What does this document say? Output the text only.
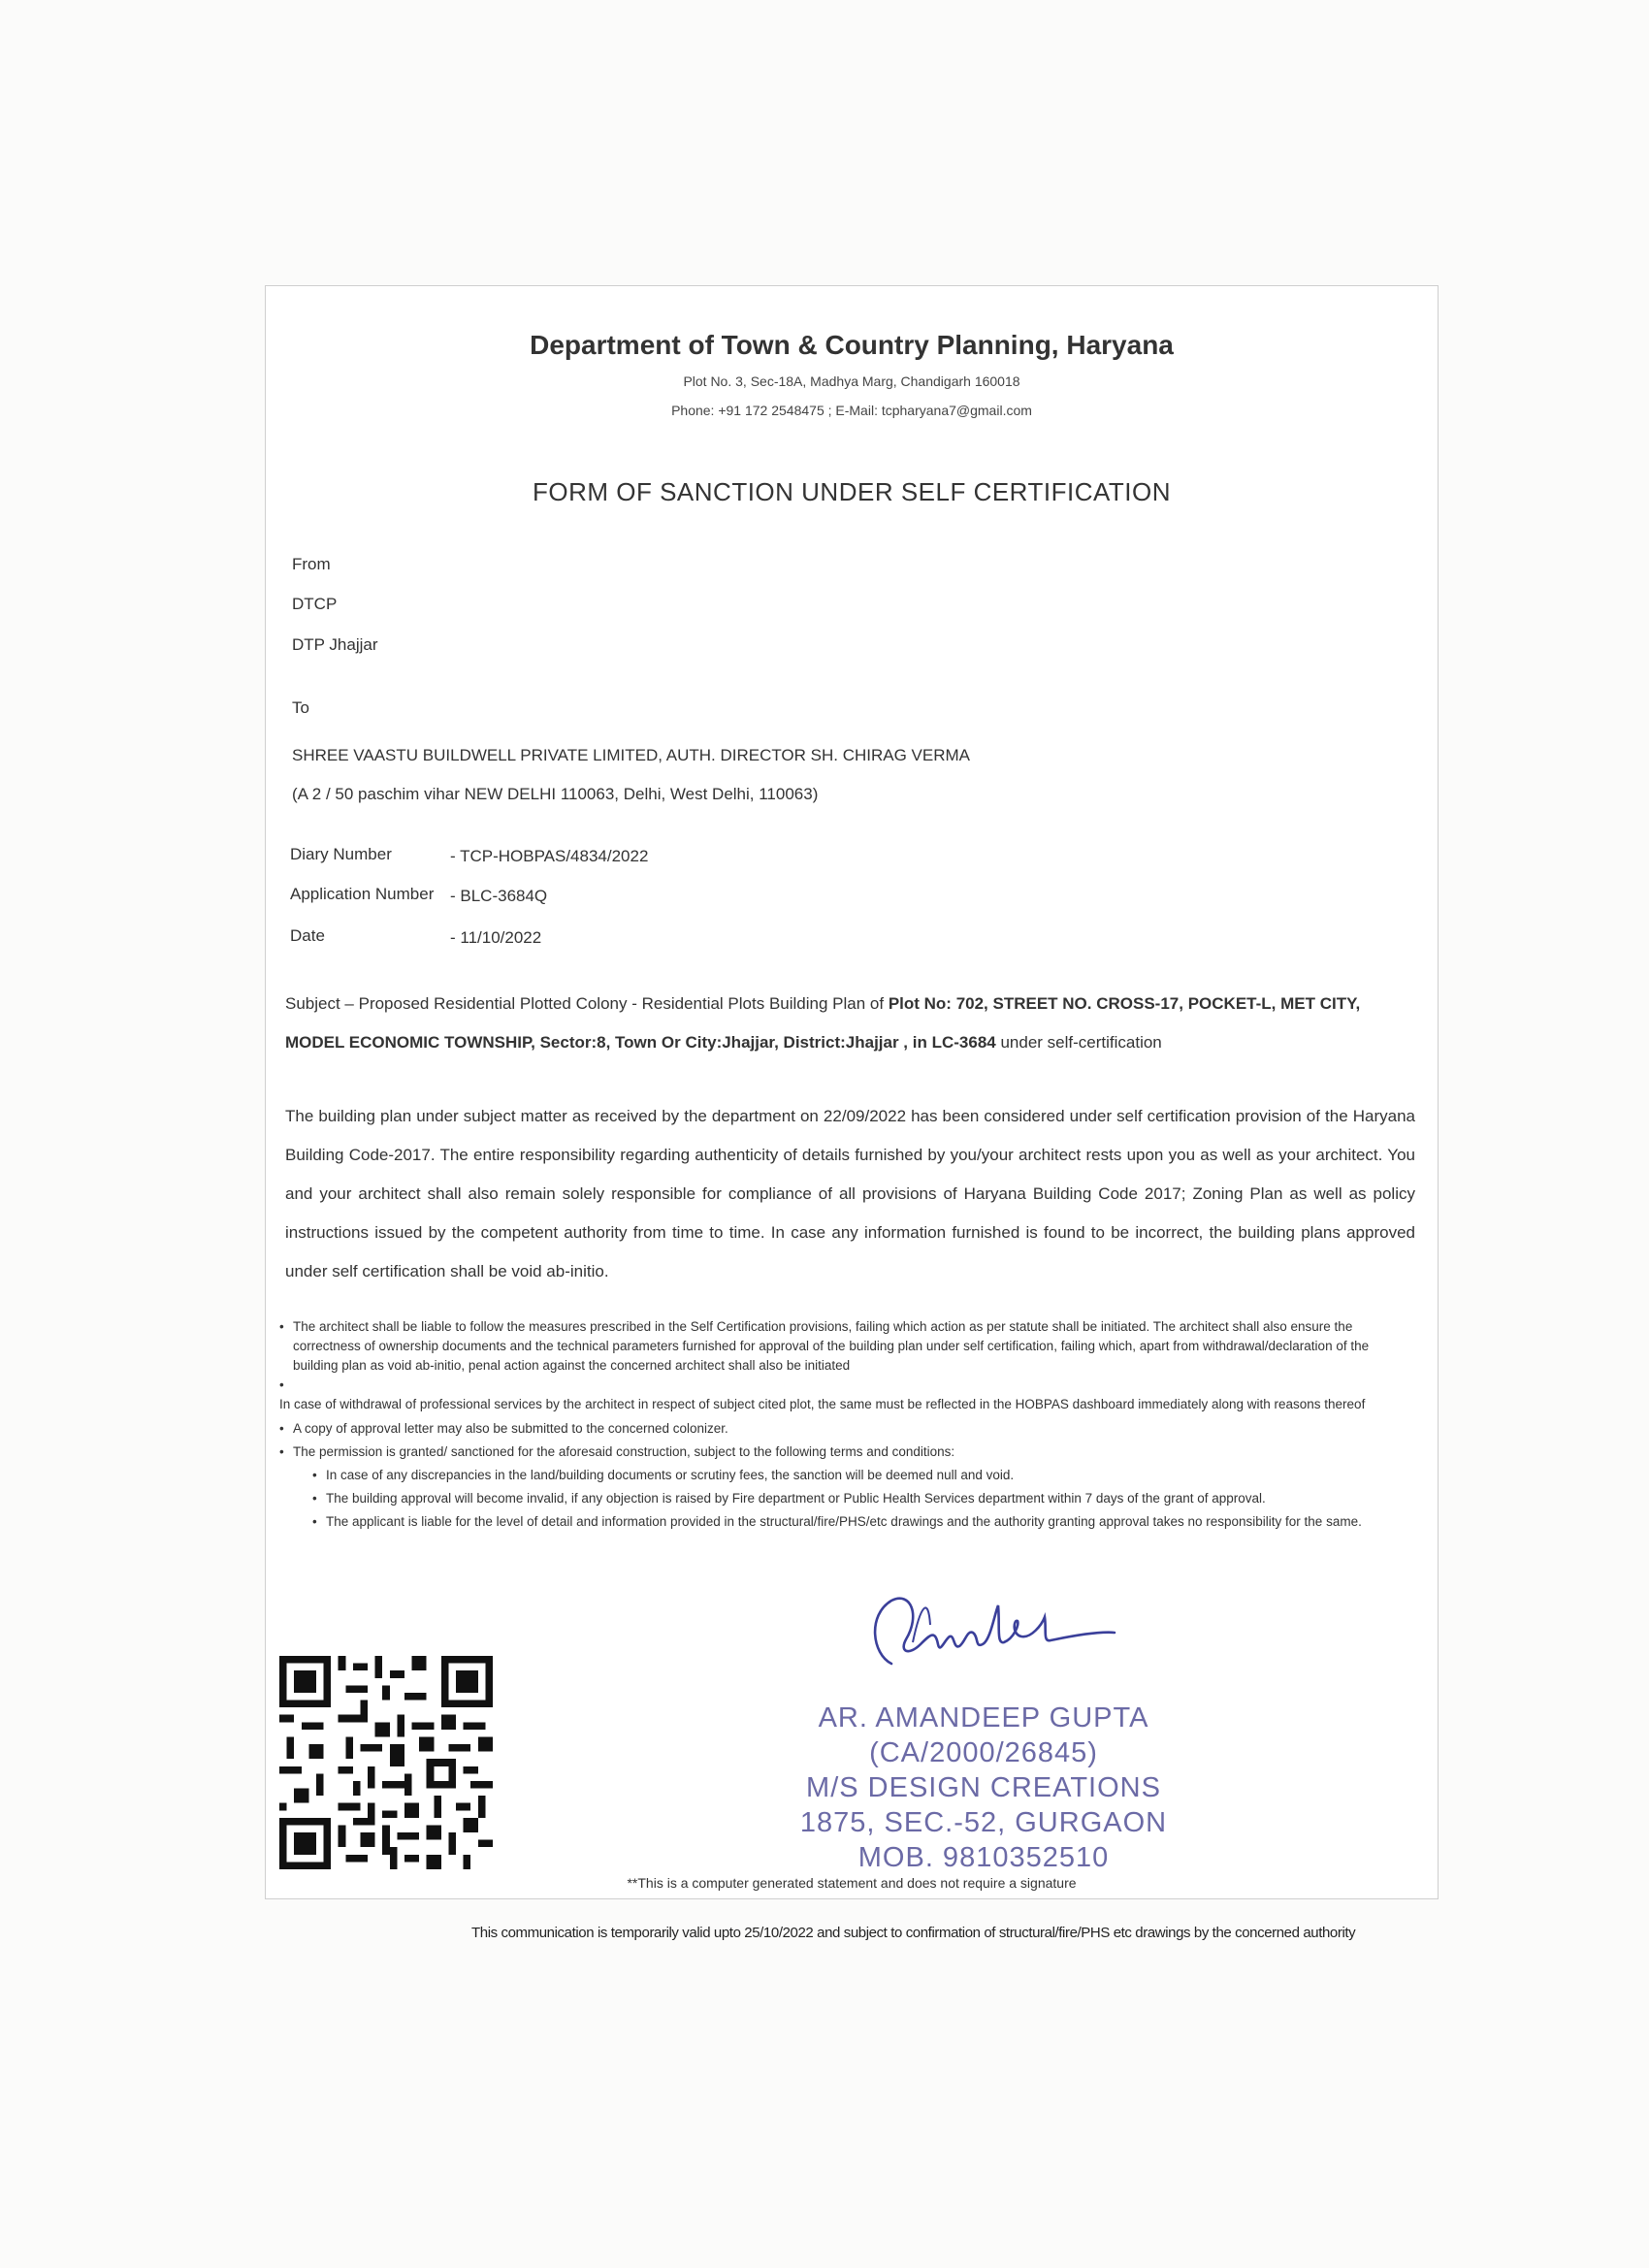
Department of Town & Country Planning, Haryana
Plot No. 3, Sec-18A, Madhya Marg, Chandigarh 160018
Phone: +91 172 2548475 ; E-Mail: tcpharyana7@gmail.com
FORM OF SANCTION UNDER SELF CERTIFICATION
From
DTCP
DTP Jhajjar
To
SHREE VAASTU BUILDWELL PRIVATE LIMITED, AUTH. DIRECTOR SH. CHIRAG VERMA
(A 2 / 50 paschim vihar NEW DELHI 110063, Delhi, West Delhi, 110063)
Diary Number	- TCP-HOBPAS/4834/2022
Application Number - BLC-3684Q
Date	- 11/10/2022

Subject – Proposed Residential Plotted Colony - Residential Plots Building Plan of Plot No: 702, STREET NO. CROSS-17, POCKET-L, MET CITY,

MODEL ECONOMIC TOWNSHIP, Sector:8, Town Or City:Jhajjar, District:Jhajjar , in LC-3684 under self-certification

The building plan under subject matter as received by the department on 22/09/2022 has been considered under self certification provision of the Haryana Building Code-2017. The entire responsibility regarding authenticity of details furnished by you/your architect rests upon you as well as your architect. You and your architect shall also remain solely responsible for compliance of all provisions of Haryana Building Code 2017; Zoning Plan as well as policy instructions issued by the competent authority from time to time. In case any information furnished is found to be incorrect, the building plans approved under self certification shall be void ab-initio.
• The architect shall be liable to follow the measures prescribed in the Self Certification provisions, failing which action as per statute shall be initiated. The architect shall also ensure the correctness of ownership documents and the technical parameters furnished for approval of the building plan under self certification, failing which, apart from withdrawal/declaration of the building plan as void ab-initio, penal action against the concerned architect shall also be initiated
•
In case of withdrawal of professional services by the architect in respect of subject cited plot, the same must be reflected in the HOBPAS dashboard immediately along with reasons thereof
• A copy of approval letter may also be submitted to the concerned colonizer.
• The permission is granted/ sanctioned for the aforesaid construction, subject to the following terms and conditions:
• In case of any discrepancies in the land/building documents or scrutiny fees, the sanction will be deemed null and void.
• The building approval will become invalid, if any objection is raised by Fire department or Public Health Services department within 7 days of the grant of approval.
• The applicant is liable for the level of detail and information provided in the structural/fire/PHS/etc drawings and the authority granting approval takes no responsibility for the same.
AR. AMANDEEP GUPTA
(CA/2000/26845)
M/S DESIGN CREATIONS
1875, SEC.-52, GURGAON
MOB. 9810352510
**This is a computer generated statement and does not require a signature
This communication is temporarily valid upto 25/10/2022 and subject to confirmation of structural/fire/PHS etc drawings by the concerned authority
